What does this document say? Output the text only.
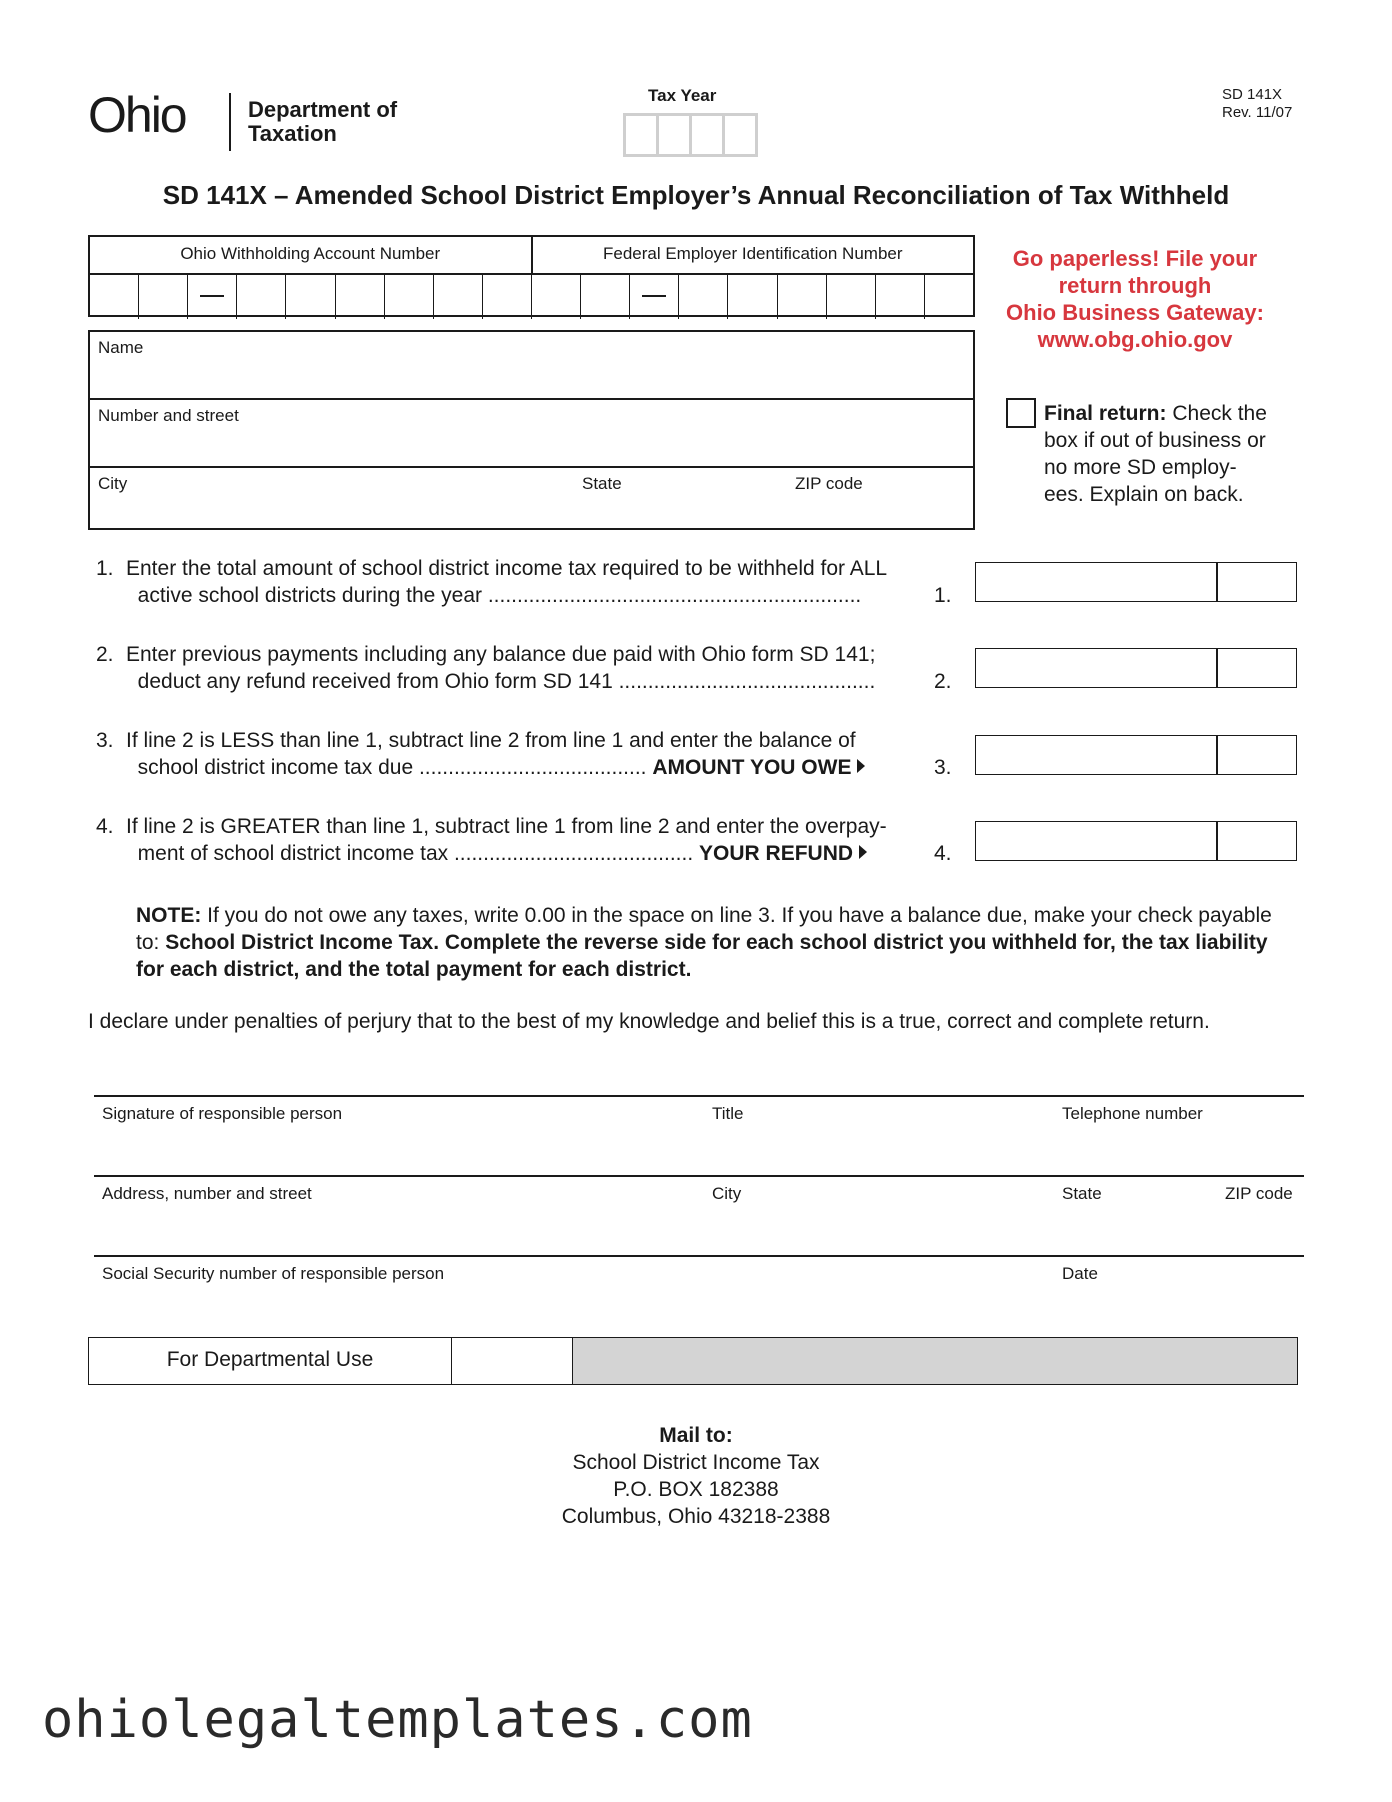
Ohio	Department of
Taxation
Tax Year	SD 141X
Rev. 11/07
SD 141X – Amended School District Employer’s Annual Reconciliation of Tax Withheld
Ohio Withholding Account Number	Federal Employer Identification Number
Name
Number and street
City	State	ZIP code
Go paperless! File your
return through
Ohio Business Gateway:
www.obg.ohio.gov
Final return: Check the box if out of business or no more SD employ-ees. Explain on back.
1. Enter the total amount of school district income tax required to be withheld for ALL
active school districts during the year ................................................................	1.
2. Enter previous payments including any balance due paid with Ohio form SD 141;
deduct any refund received from Ohio form SD 141 ............................................	2.
3. If line 2 is LESS than line 1, subtract line 2 from line 1 and enter the balance of
school district income tax due ....................................... AMOUNT YOU OWE	3.
4. If line 2 is GREATER than line 1, subtract line 1 from line 2 and enter the overpay-
ment of school district income tax ......................................... YOUR REFUND	4.
NOTE: If you do not owe any taxes, write 0.00 in the space on line 3. If you have a balance due, make your check payable to: School District Income Tax. Complete the reverse side for each school district you withheld for, the tax liability for each district, and the total payment for each district.
I declare under penalties of perjury that to the best of my knowledge and belief this is a true, correct and complete return.
Signature of responsible person	Title	Telephone number
Address, number and street	City	State	ZIP code
Social Security number of responsible person	Date
For Departmental Use
Mail to:
School District Income Tax
P.O. BOX 182388
Columbus, Ohio 43218-2388
ohiolegaltemplates.com
